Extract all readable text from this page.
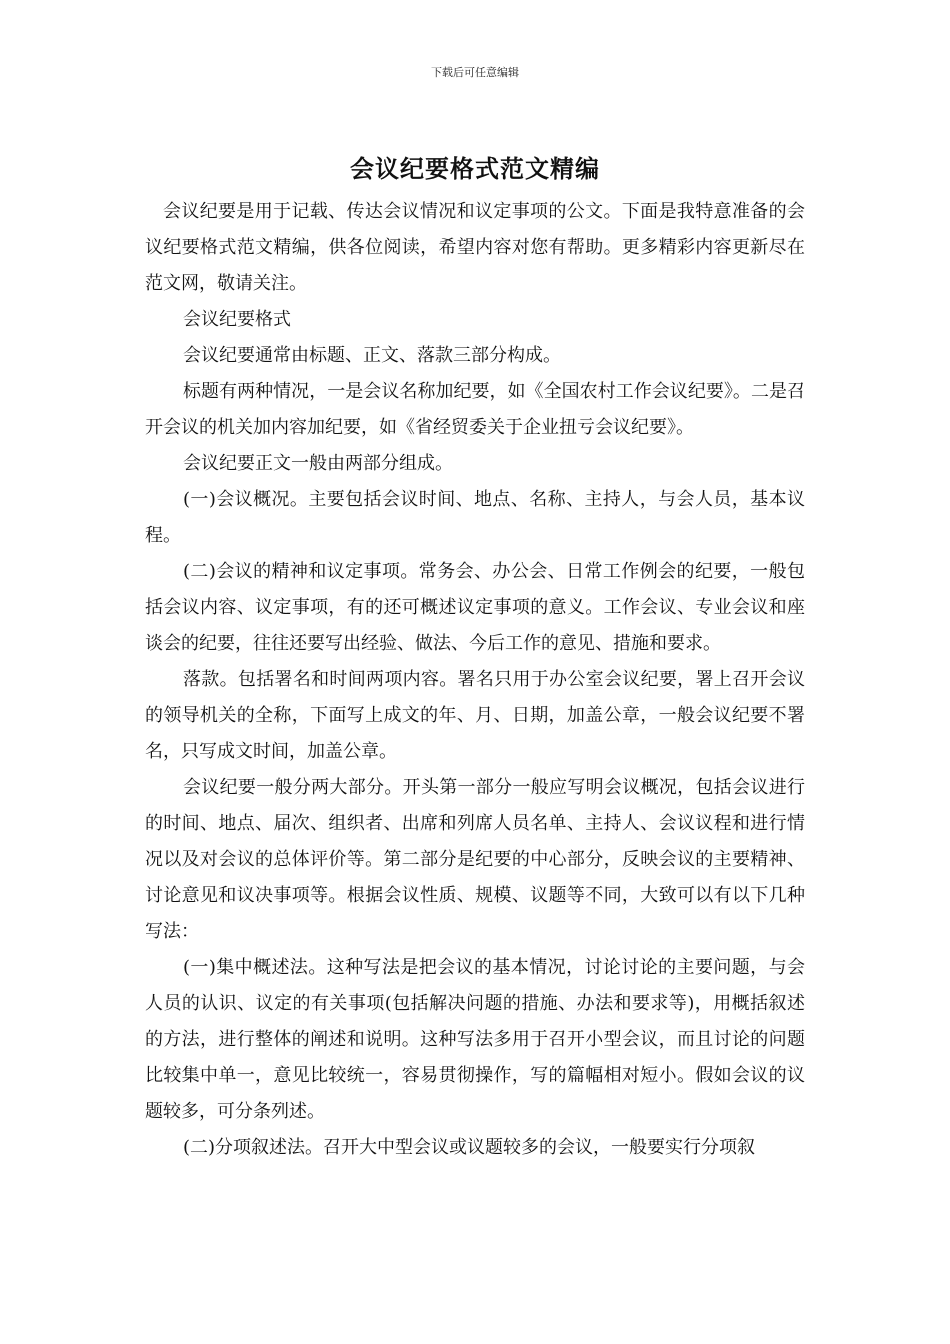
下载后可任意编辑
会议纪要格式范文精编

会议纪要是用于记载、传达会议情况和议定事项的公文。下面是我特意准备的会议纪要格式范文精编，供各位阅读，希望内容对您有帮助。更多精彩内容更新尽在范文网，敬请关注。

会议纪要格式

会议纪要通常由标题、正文、落款三部分构成。

标题有两种情况，一是会议名称加纪要，如《全国农村工作会议纪要》。二是召开会议的机关加内容加纪要，如《省经贸委关于企业扭亏会议纪要》。

会议纪要正文一般由两部分组成。

(一)会议概况。主要包括会议时间、地点、名称、主持人，与会人员，基本议程。

(二)会议的精神和议定事项。常务会、办公会、日常工作例会的纪要，一般包括会议内容、议定事项，有的还可概述议定事项的意义。工作会议、专业会议和座谈会的纪要，往往还要写出经验、做法、今后工作的意见、措施和要求。

落款。包括署名和时间两项内容。署名只用于办公室会议纪要，署上召开会议的领导机关的全称，下面写上成文的年、月、日期，加盖公章，一般会议纪要不署名，只写成文时间，加盖公章。

会议纪要一般分两大部分。开头第一部分一般应写明会议概况，包括会议进行的时间、地点、届次、组织者、出席和列席人员名单、主持人、会议议程和进行情况以及对会议的总体评价等。第二部分是纪要的中心部分，反映会议的主要精神、讨论意见和议决事项等。根据会议性质、规模、议题等不同，大致可以有以下几种写法：

(一)集中概述法。这种写法是把会议的基本情况，讨论讨论的主要问题，与会人员的认识、议定的有关事项(包括解决问题的措施、办法和要求等)，用概括叙述的方法，进行整体的阐述和说明。这种写法多用于召开小型会议，而且讨论的问题比较集中单一，意见比较统一，容易贯彻操作，写的篇幅相对短小。假如会议的议题较多，可分条列述。

(二)分项叙述法。召开大中型会议或议题较多的会议，一般要实行分项叙
